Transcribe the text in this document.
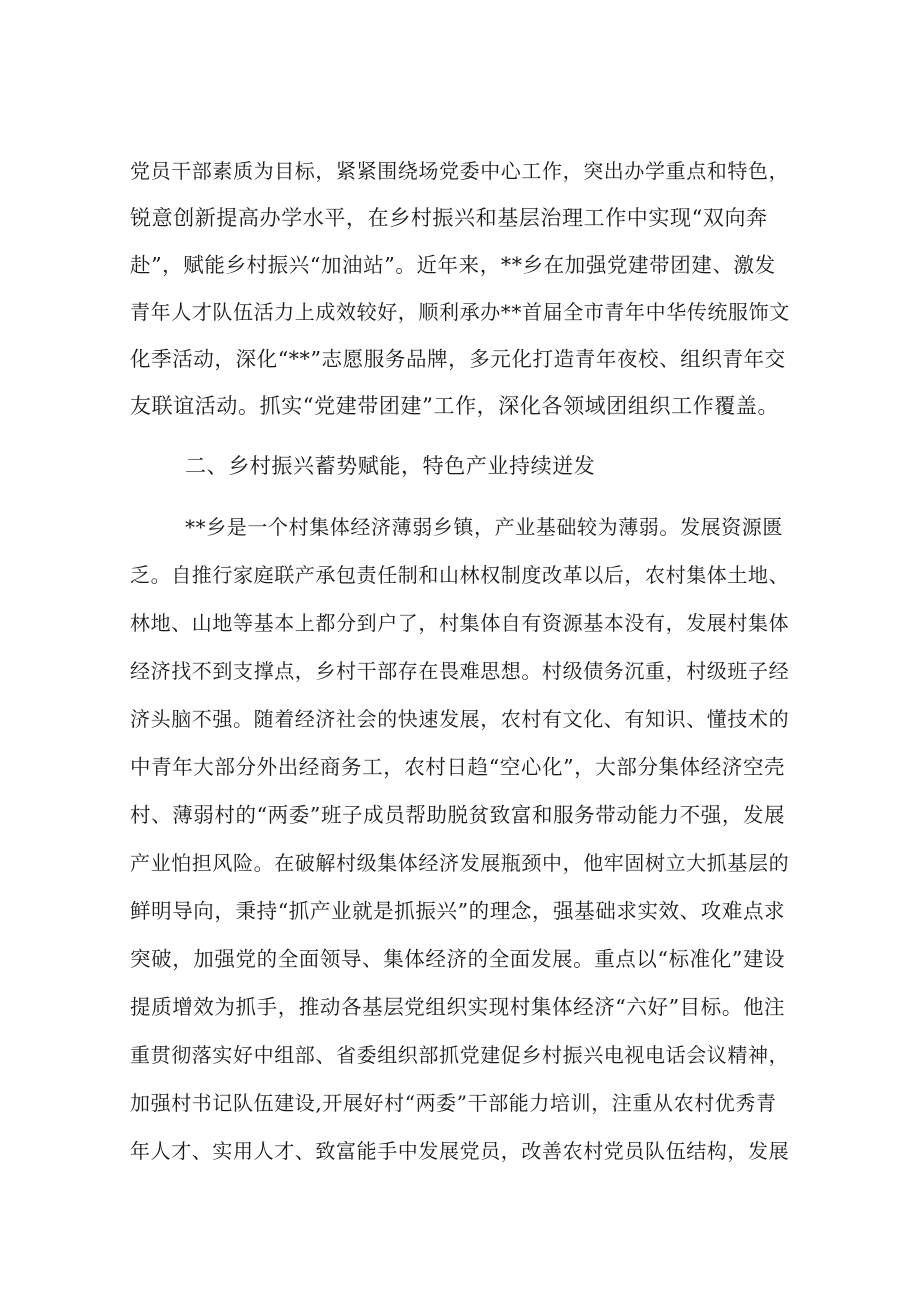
党员干部素质为目标，紧紧围绕场党委中心工作，突出办学重点和特色，
锐意创新提高办学水平，在乡村振兴和基层治理工作中实现“双向奔
赴”，赋能乡村振兴“加油站”。近年来，**乡在加强党建带团建、激发
青年人才队伍活力上成效较好，顺利承办**首届全市青年中华传统服饰文
化季活动，深化“**”志愿服务品牌，多元化打造青年夜校、组织青年交
友联谊活动。抓实“党建带团建”工作，深化各领域团组织工作覆盖。
二、乡村振兴蓄势赋能，特色产业持续迸发
**乡是一个村集体经济薄弱乡镇，产业基础较为薄弱。发展资源匮
乏。自推行家庭联产承包责任制和山林权制度改革以后，农村集体土地、
林地、山地等基本上都分到户了，村集体自有资源基本没有，发展村集体
经济找不到支撑点，乡村干部存在畏难思想。村级债务沉重，村级班子经
济头脑不强。随着经济社会的快速发展，农村有文化、有知识、懂技术的
中青年大部分外出经商务工，农村日趋“空心化”，大部分集体经济空壳
村、薄弱村的“两委”班子成员帮助脱贫致富和服务带动能力不强，发展
产业怕担风险。在破解村级集体经济发展瓶颈中，他牢固树立大抓基层的
鲜明导向，秉持“抓产业就是抓振兴”的理念，强基础求实效、攻难点求
突破，加强党的全面领导、集体经济的全面发展。重点以“标准化”建设
提质增效为抓手，推动各基层党组织实现村集体经济“六好”目标。他注
重贯彻落实好中组部、省委组织部抓党建促乡村振兴电视电话会议精神，
加强村书记队伍建设,开展好村“两委”干部能力培训，注重从农村优秀青
年人才、实用人才、致富能手中发展党员，改善农村党员队伍结构，发展
